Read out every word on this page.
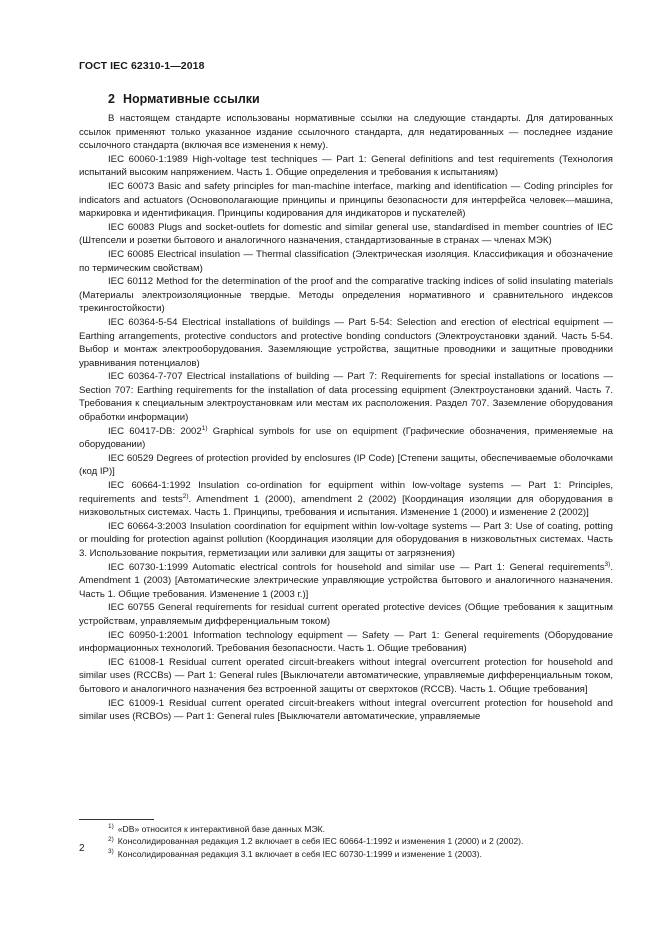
ГОСТ IEC 62310-1—2018
2 Нормативные ссылки

В настоящем стандарте использованы нормативные ссылки на следующие стандарты. Для датированных ссылок применяют только указанное издание ссылочного стандарта, для недатированных — последнее издание ссылочного стандарта (включая все изменения к нему).

IEC 60060-1:1989 High-voltage test techniques — Part 1: General definitions and test requirements (Технология испытаний высоким напряжением. Часть 1. Общие определения и требования к испытаниям)

IEC 60073 Basic and safety principles for man-machine interface, marking and identification — Coding principles for indicators and actuators (Основополагающие принципы и принципы безопасности для интерфейса человек—машина, маркировка и идентификация. Принципы кодирования для индикаторов и пускателей)

IEC 60083 Plugs and socket-outlets for domestic and similar general use, standardised in member countries of IEC (Штепсели и розетки бытового и аналогичного назначения, стандартизованные в странах — членах МЭК)

IEC 60085 Electrical insulation — Thermal classification (Электрическая изоляция. Классификация и обозначение по термическим свойствам)

IEC 60112 Method for the determination of the proof and the comparative tracking indices of solid insulating materials (Материалы электроизоляционные твердые. Методы определения нормативного и сравнительного индексов трекингостойкости)

IEC 60364-5-54 Electrical installations of buildings — Part 5-54: Selection and erection of electrical equipment — Earthing arrangements, protective conductors and protective bonding conductors (Электроустановки зданий. Часть 5-54. Выбор и монтаж электрооборудования. Заземляющие устройства, защитные проводники и защитные проводники уравнивания потенциалов)

IEC 60364-7-707 Electrical installations of building — Part 7: Requirements for special installations or locations — Section 707: Earthing requirements for the installation of data processing equipment (Электроустановки зданий. Часть 7. Требования к специальным электроустановкам или местам их расположения. Раздел 707. Заземление оборудования обработки информации)

IEC 60417-DB: 2002$^{1)}$ Graphical symbols for use on equipment (Графические обозначения, применяемые на оборудовании)

IEC 60529 Degrees of protection provided by enclosures (IP Code) [Степени защиты, обеспечиваемые оболочками (код IP)]

IEC 60664-1:1992 Insulation co-ordination for equipment within low-voltage systems — Part 1: Principles, requirements and tests$^{2)}$. Amendment 1 (2000), amendment 2 (2002) [Координация изоляции для оборудования в низковольтных системах. Часть 1. Принципы, требования и испытания. Изменение 1 (2000) и изменение 2 (2002)]

IEC 60664-3:2003 Insulation coordination for equipment within low-voltage systems — Part 3: Use of coating, potting or moulding for protection against pollution (Координация изоляции для оборудования в низковольтных системах. Часть 3. Использование покрытия, герметизации или заливки для защиты от загрязнения)

IEC 60730-1:1999 Automatic electrical controls for household and similar use — Part 1: General requirements$^{3)}$. Amendment 1 (2003) [Автоматические электрические управляющие устройства бытового и аналогичного назначения. Часть 1. Общие требования. Изменение 1 (2003 г.)]

IEC 60755 General requirements for residual current operated protective devices (Общие требования к защитным устройствам, управляемым дифференциальным током)

IEC 60950-1:2001 Information technology equipment — Safety — Part 1: General requirements (Оборудование информационных технологий. Требования безопасности. Часть 1. Общие требования)

IEC 61008-1 Residual current operated circuit-breakers without integral overcurrent protection for household and similar uses (RCCBs) — Part 1: General rules [Выключатели автоматические, управляемые дифференциальным током, бытового и аналогичного назначения без встроенной защиты от сверхтоков (RCCB). Часть 1. Общие требования]

IEC 61009-1 Residual current operated circuit-breakers without integral overcurrent protection for household and similar uses (RCBOs) — Part 1: General rules [Выключатели автоматические, управляемые

$^{1)}$ «DB» относится к интерактивной базе данных МЭК.

$^{2)}$ Консолидированная редакция 1.2 включает в себя IEC 60664-1:1992 и изменения 1 (2000) и 2 (2002).

$^{3)}$ Консолидированная редакция 3.1 включает в себя IEC 60730-1:1999 и изменение 1 (2003).

2
